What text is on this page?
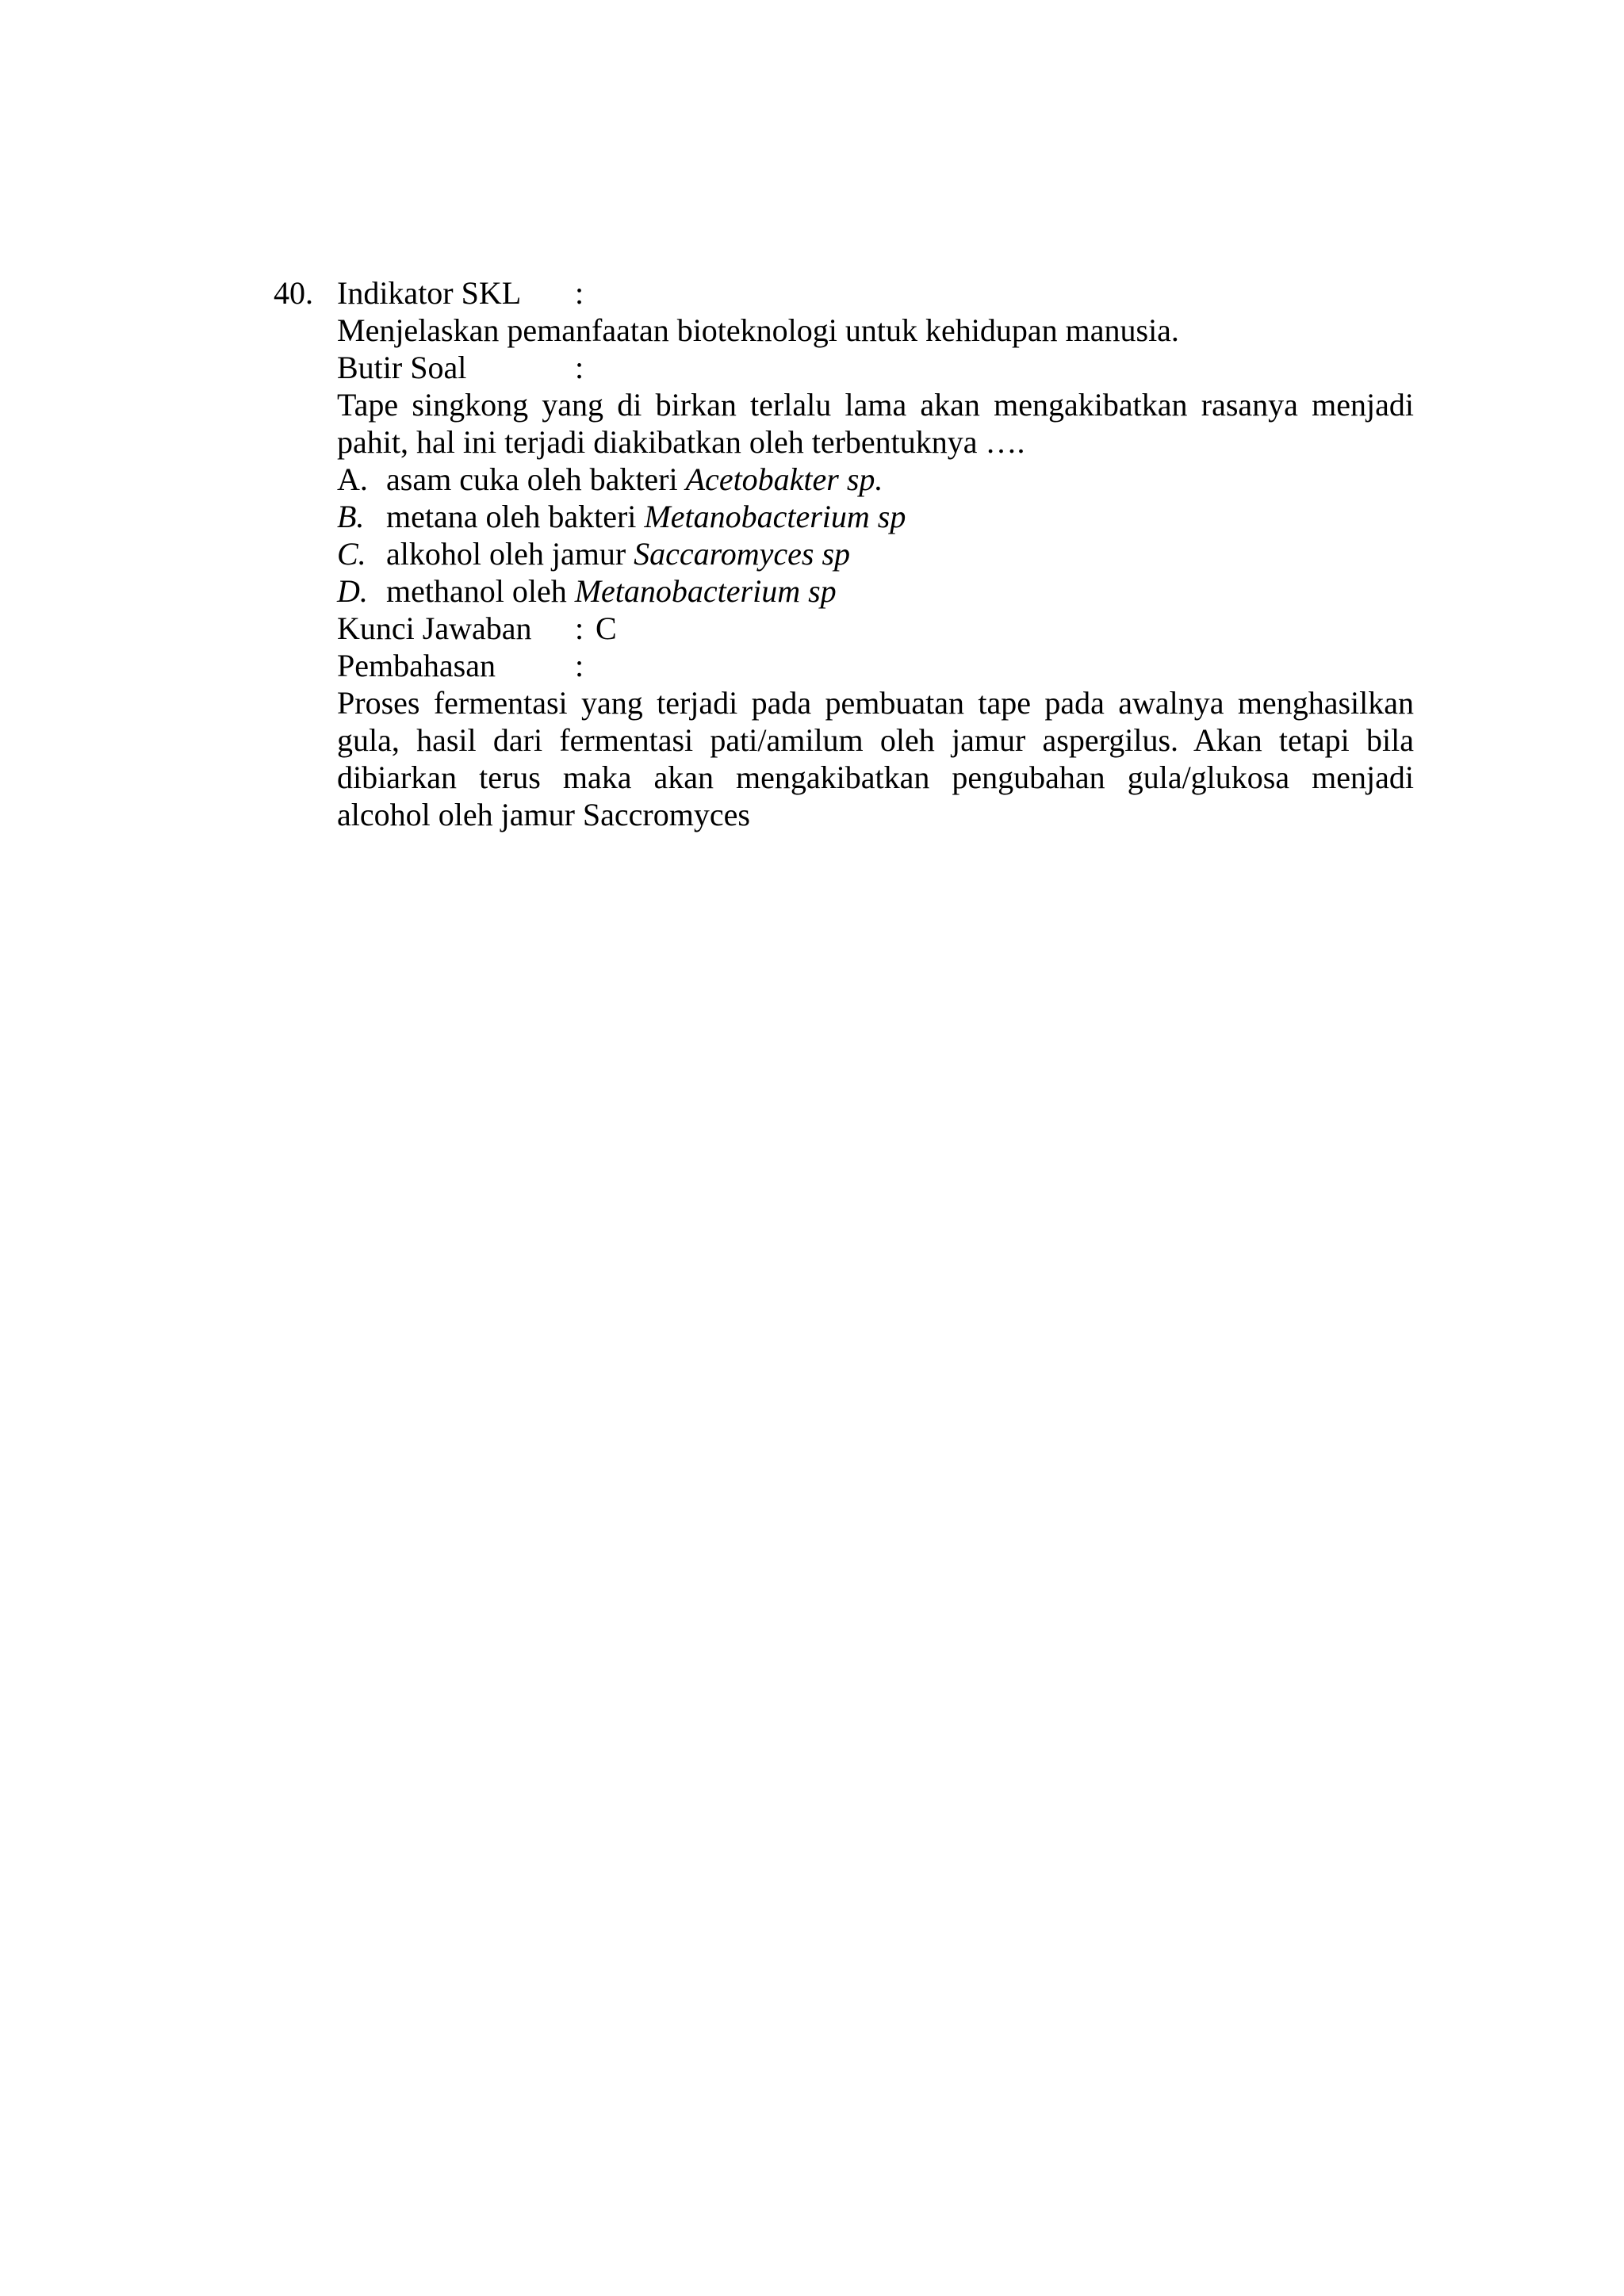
40. Indikator SKL :
Menjelaskan pemanfaatan bioteknologi untuk kehidupan manusia.
Butir Soal	:

Tape singkong yang di birkan terlalu lama akan mengakibatkan rasanya menjadi pahit, hal ini terjadi diakibatkan oleh terbentuknya ….

A. asam cuka oleh bakteri Acetobakter sp.
B. metana oleh bakteri Metanobacterium sp
C. alkohol oleh jamur Saccaromyces sp
D. methanol oleh Metanobacterium sp
Kunci Jawaban : C
Pembahasan	:

Proses fermentasi yang terjadi pada pembuatan tape pada awalnya menghasilkan gula, hasil dari fermentasi pati/amilum oleh jamur aspergilus. Akan tetapi bila dibiarkan terus maka akan mengakibatkan pengubahan gula/glukosa menjadi alcohol oleh jamur Saccromyces
